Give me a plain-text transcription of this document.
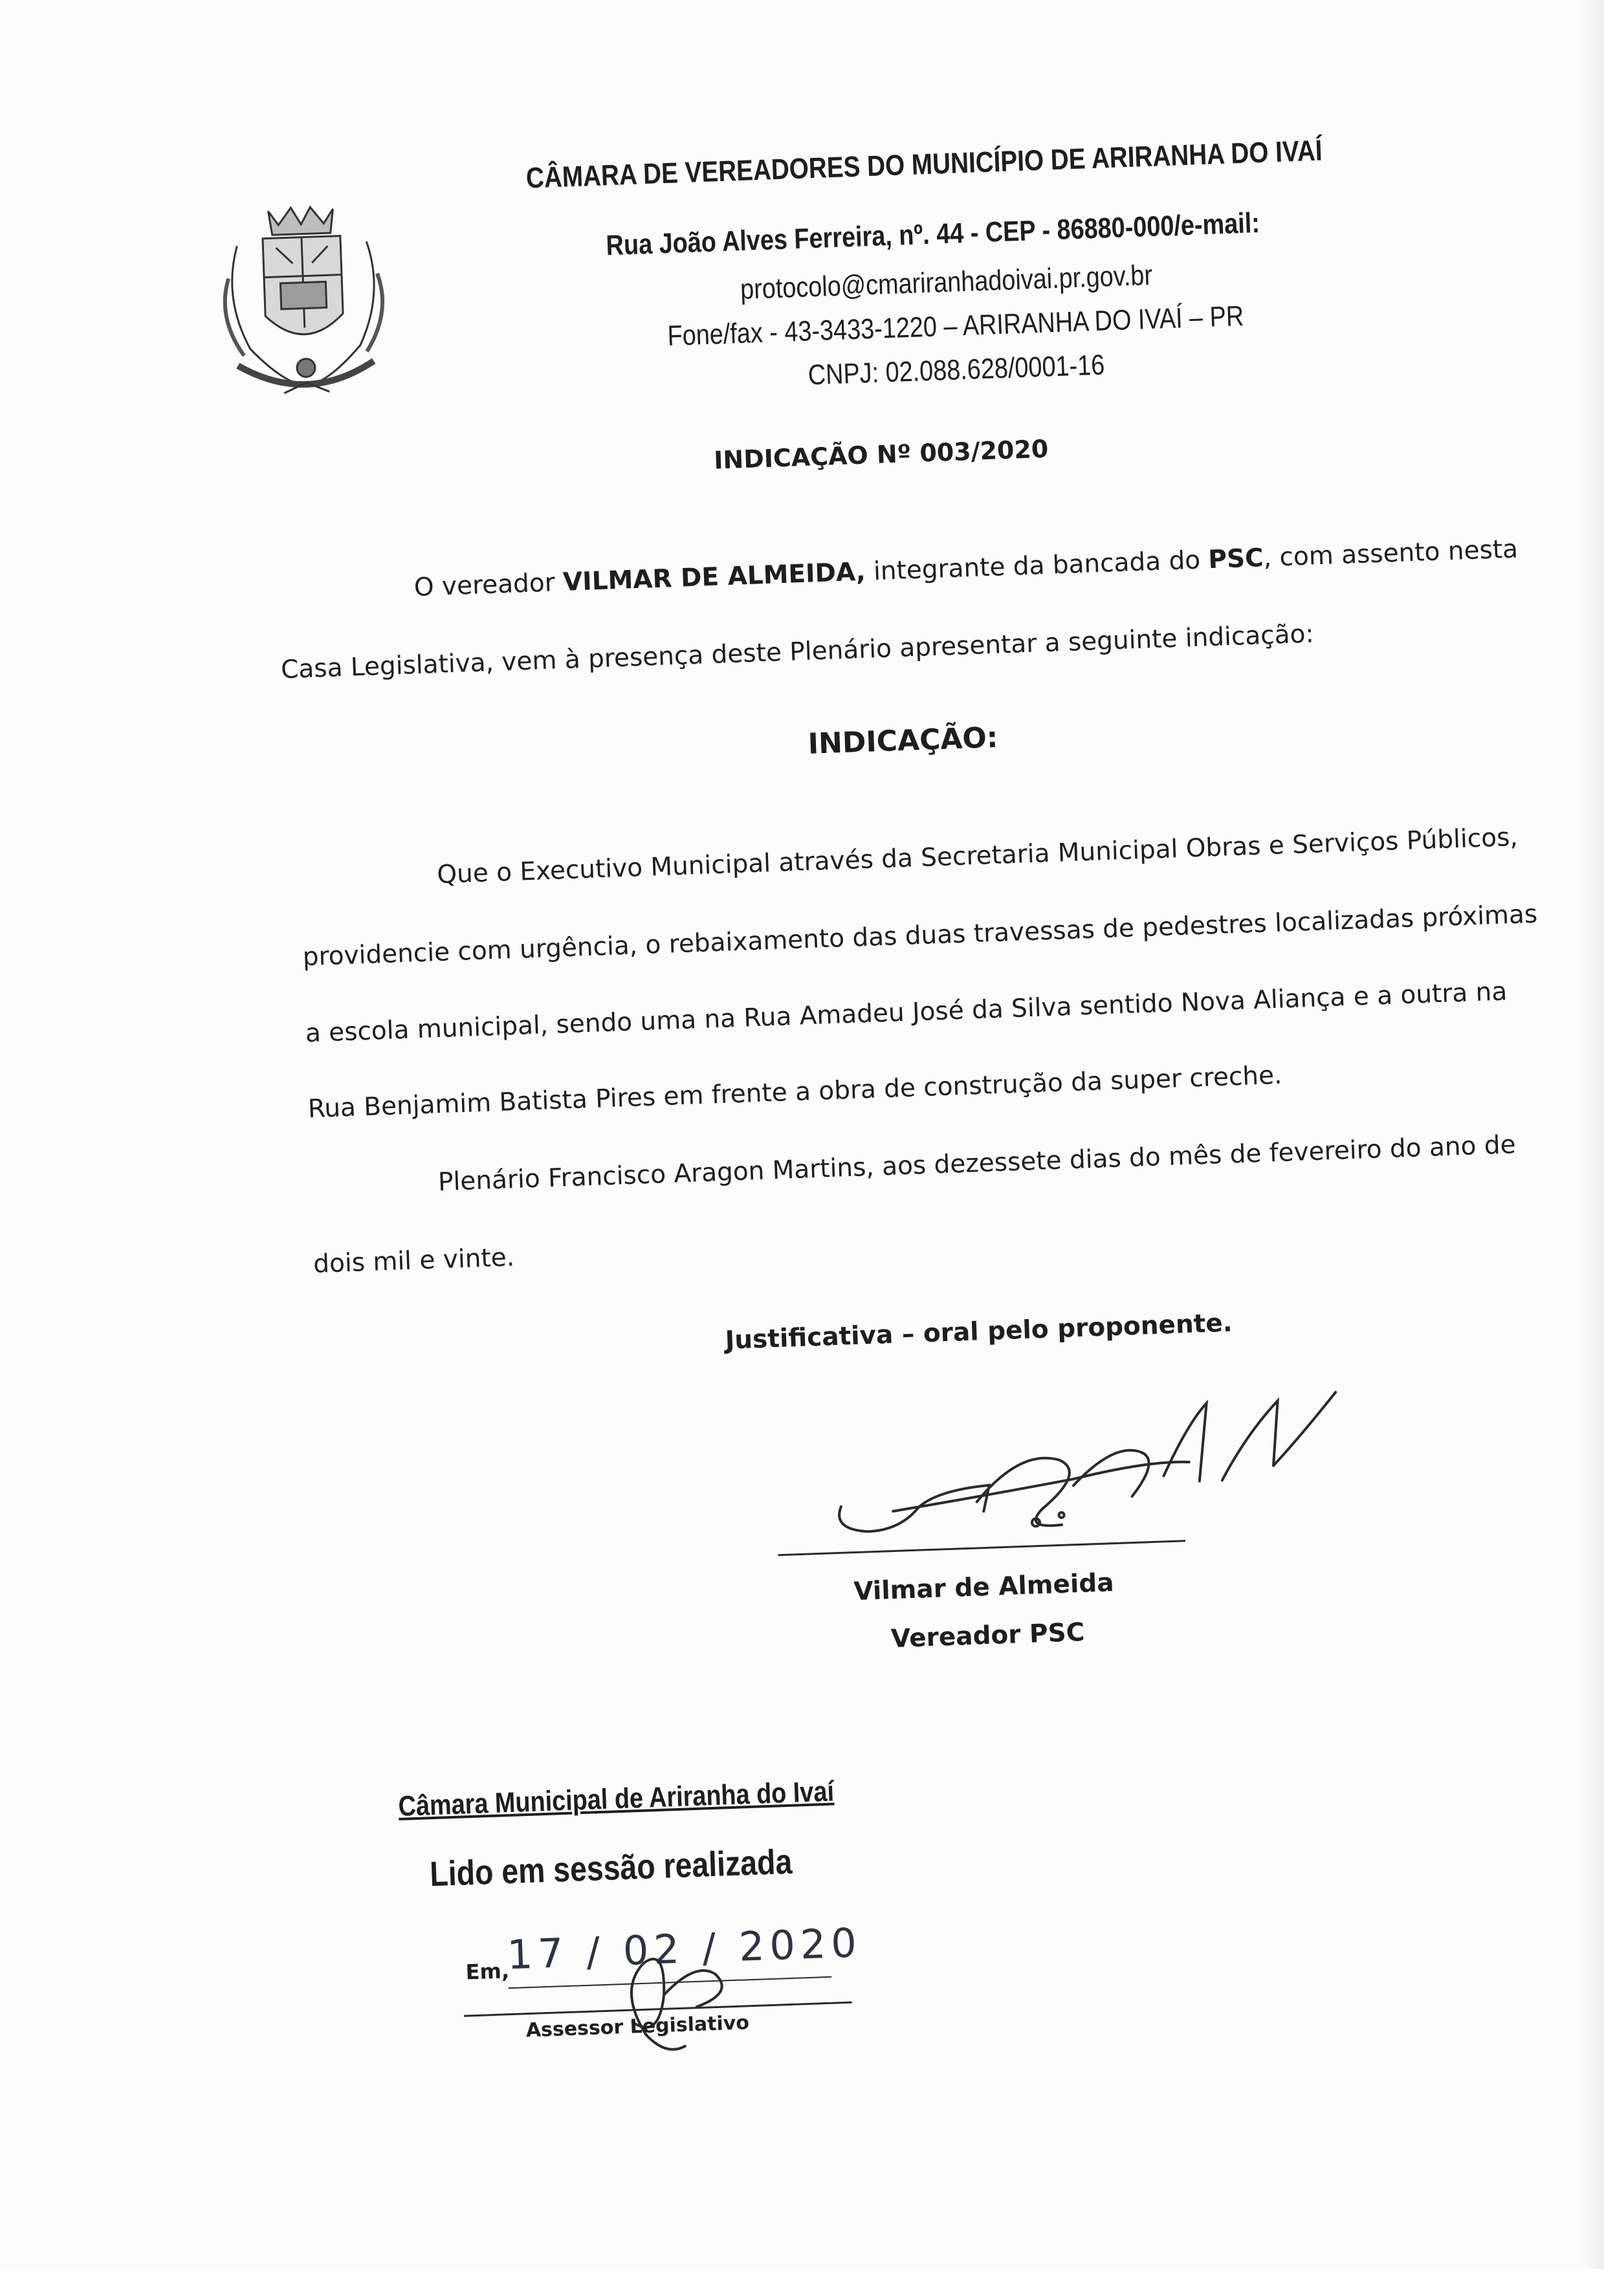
CÂMARA DE VEREADORES DO MUNICÍPIO DE ARIRANHA DO IVAÍ
Rua João Alves Ferreira, nº. 44 - CEP - 86880-000/e-mail:
protocolo@cmariranhadoivai.pr.gov.br
Fone/fax - 43-3433-1220 – ARIRANHA DO IVAÍ – PR
CNPJ: 02.088.628/0001-16
INDICAÇÃO Nº 003/2020
O vereador VILMAR DE ALMEIDA, integrante da bancada do PSC, com assento nesta
Casa Legislativa, vem à presença deste Plenário apresentar a seguinte indicação:
INDICAÇÃO:
Que o Executivo Municipal através da Secretaria Municipal Obras e Serviços Públicos,
providencie com urgência, o rebaixamento das duas travessas de pedestres localizadas próximas
a escola municipal, sendo uma na Rua Amadeu José da Silva sentido Nova Aliança e a outra na
Rua Benjamim Batista Pires em frente a obra de construção da super creche.
Plenário Francisco Aragon Martins, aos dezessete dias do mês de fevereiro do ano de
dois mil e vinte.
Justificativa – oral pelo proponente.
Vilmar de Almeida
Vereador PSC
Câmara Municipal de Ariranha do Ivaí
Lido em sessão realizada
Em,
17 / 02 / 2020
Assessor Legislativo
